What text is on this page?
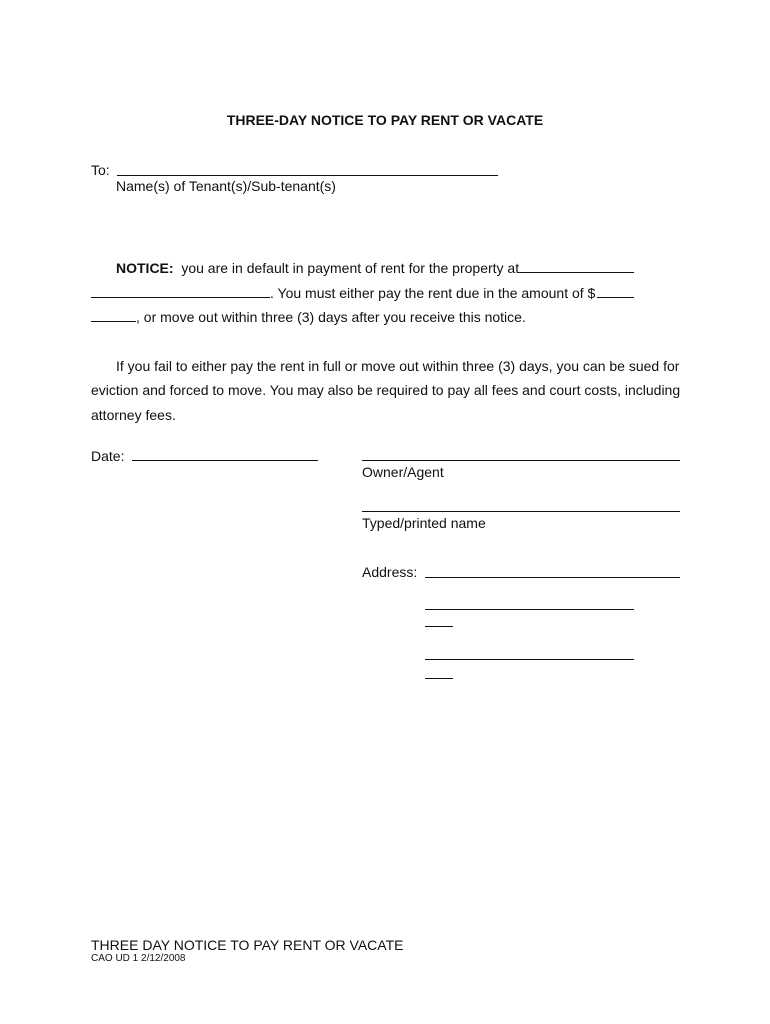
THREE-DAY NOTICE TO PAY RENT OR VACATE
To:
Name(s) of Tenant(s)/Sub-tenant(s)
NOTICE: you are in default in payment of rent for the property at
. You must either pay the rent due in the amount of $
, or move out within three (3) days after you receive this notice.
If you fail to either pay the rent in full or move out within three (3) days, you can be sued for
eviction and forced to move. You may also be required to pay all fees and court costs, including
attorney fees.
Date:
Owner/Agent
Typed/printed name
Address:
THREE DAY NOTICE TO PAY RENT OR VACATE
CAO UD 1 2/12/2008
